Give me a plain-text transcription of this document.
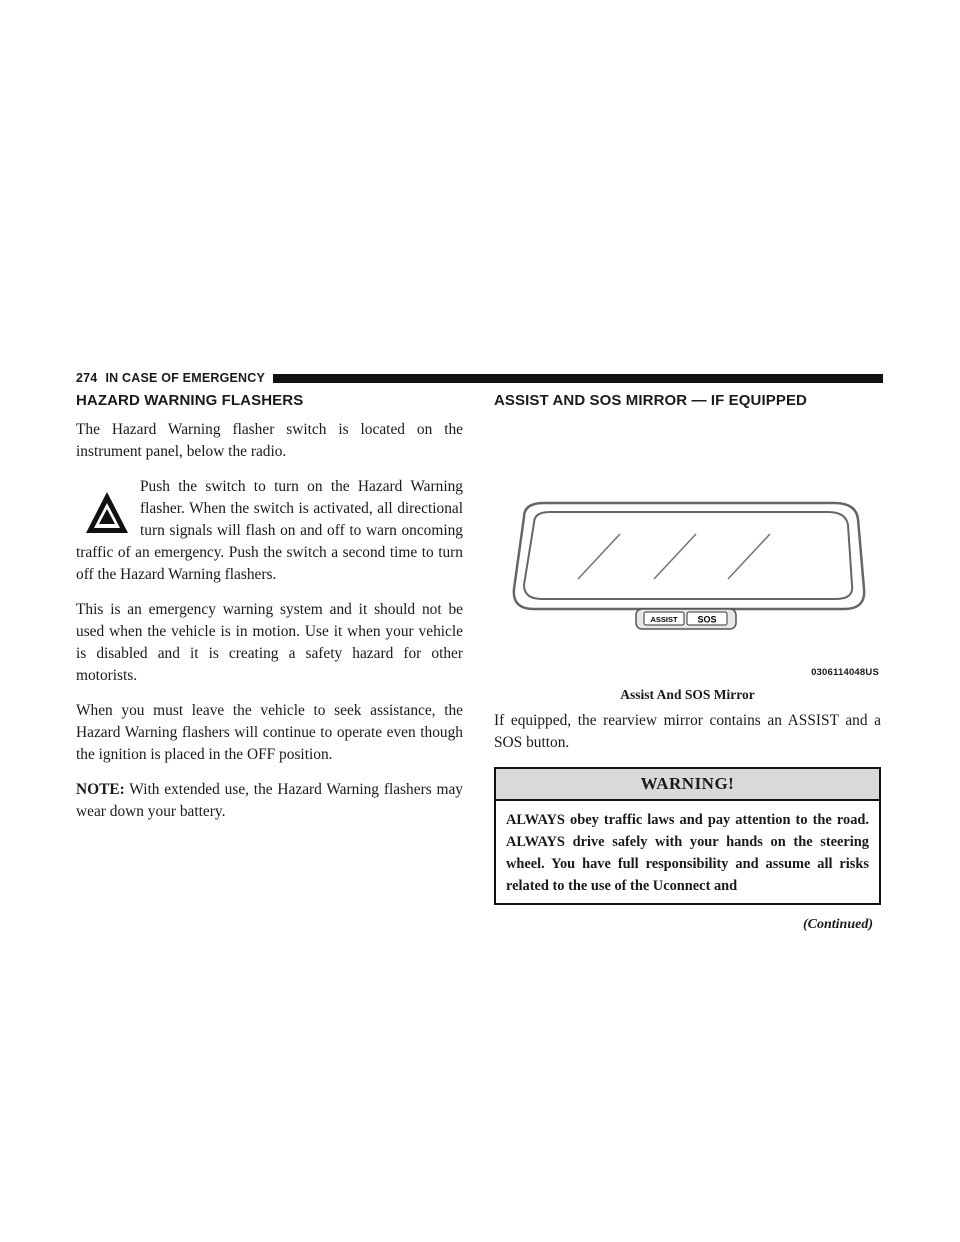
274 IN CASE OF EMERGENCY
HAZARD WARNING FLASHERS

The Hazard Warning flasher switch is located on the instrument panel, below the radio.

Push the switch to turn on the Hazard Warning flasher. When the switch is activated, all directional turn signals will flash on and off to warn oncoming traffic of an emergency. Push the switch a second time to turn off the Hazard Warning flashers.

This is an emergency warning system and it should not be used when the vehicle is in motion. Use it when your vehicle is disabled and it is creating a safety hazard for other motorists.

When you must leave the vehicle to seek assistance, the Hazard Warning flashers will continue to operate even though the ignition is placed in the OFF position.

NOTE: With extended use, the Hazard Warning flashers may wear down your battery.

ASSIST AND SOS MIRROR — IF EQUIPPED
ASSIST SOS
0306114048US
Assist And SOS Mirror

If equipped, the rearview mirror contains an ASSIST and a SOS button.

WARNING!
ALWAYS obey traffic laws and pay attention to the road. ALWAYS drive safely with your hands on the steering wheel. You have full responsibility and assume all risks related to the use of the Uconnect and
(Continued)
